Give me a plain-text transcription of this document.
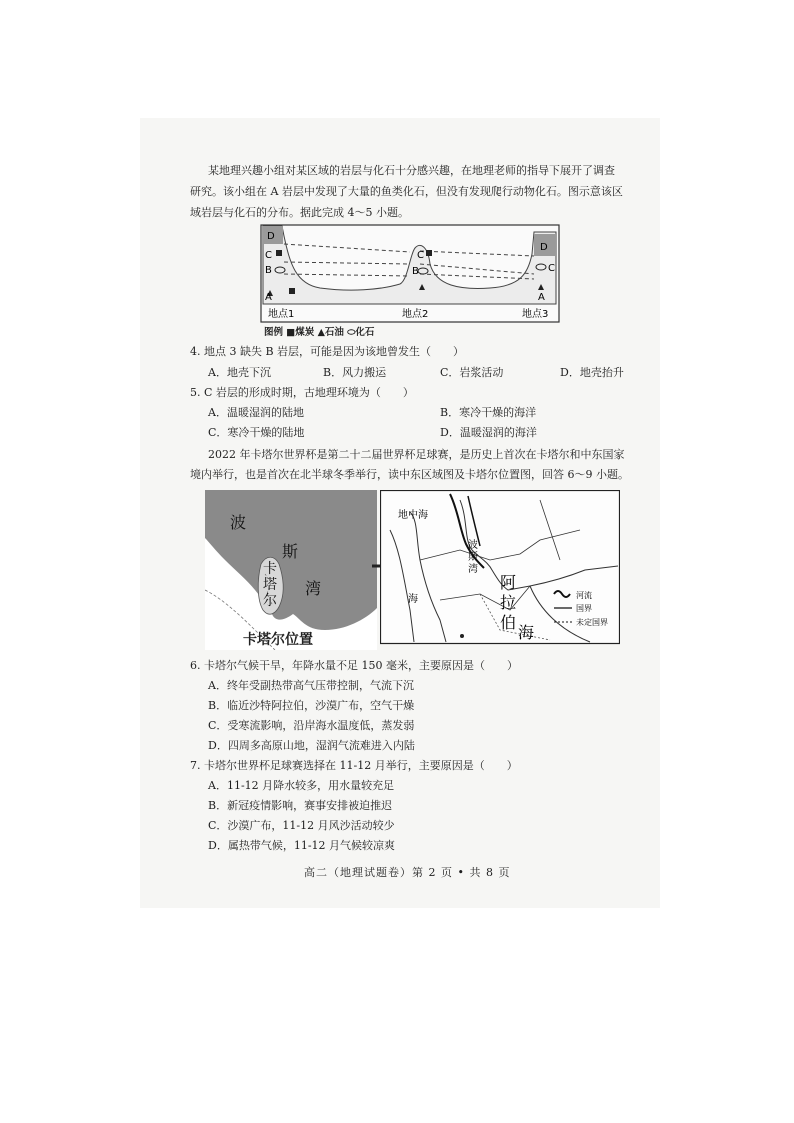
某地理兴趣小组对某区域的岩层与化石十分感兴趣，在地理老师的指导下展开了调查
研究。该小组在 A 岩层中发现了大量的鱼类化石，但没有发现爬行动物化石。图示意该区
域岩层与化石的分布。据此完成 4～5 小题。
A
B
C
D
C
B
A
C
D
地点1	地点2	地点3
图例 ■煤炭 ▲石油 ⬭化石
4. 地点 3 缺失 B 岩层，可能是因为该地曾发生（　　）
A．地壳下沉	B．风力搬运	C．岩浆活动	D．地壳抬升
5. C 岩层的形成时期，古地理环境为（　　）
A．温暖湿润的陆地	B．寒冷干燥的海洋
C．寒冷干燥的陆地	D．温暖湿润的海洋
2022 年卡塔尔世界杯是第二十二届世界杯足球赛，是历史上首次在卡塔尔和中东国家
境内举行，也是首次在北半球冬季举行，读中东区域图及卡塔尔位置图，回答 6～9 小题。
波
斯
湾
卡
塔
尔
卡塔尔位置
地中海
波
斯
湾
阿
拉
伯
海
海	河流
国界
未定国界
6. 卡塔尔气候干旱，年降水量不足 150 毫米，主要原因是（　　）
A．终年受副热带高气压带控制，气流下沉
B．临近沙特阿拉伯，沙漠广布，空气干燥
C．受寒流影响，沿岸海水温度低，蒸发弱
D．四周多高原山地，湿润气流难进入内陆
7. 卡塔尔世界杯足球赛选择在 11-12 月举行，主要原因是（　　）
A．11-12 月降水较多，用水量较充足
B．新冠疫情影响，赛事安排被迫推迟
C．沙漠广布，11-12 月风沙活动较少
D．属热带气候，11-12 月气候较凉爽
高二（地理试题卷）第 2 页 • 共 8 页
